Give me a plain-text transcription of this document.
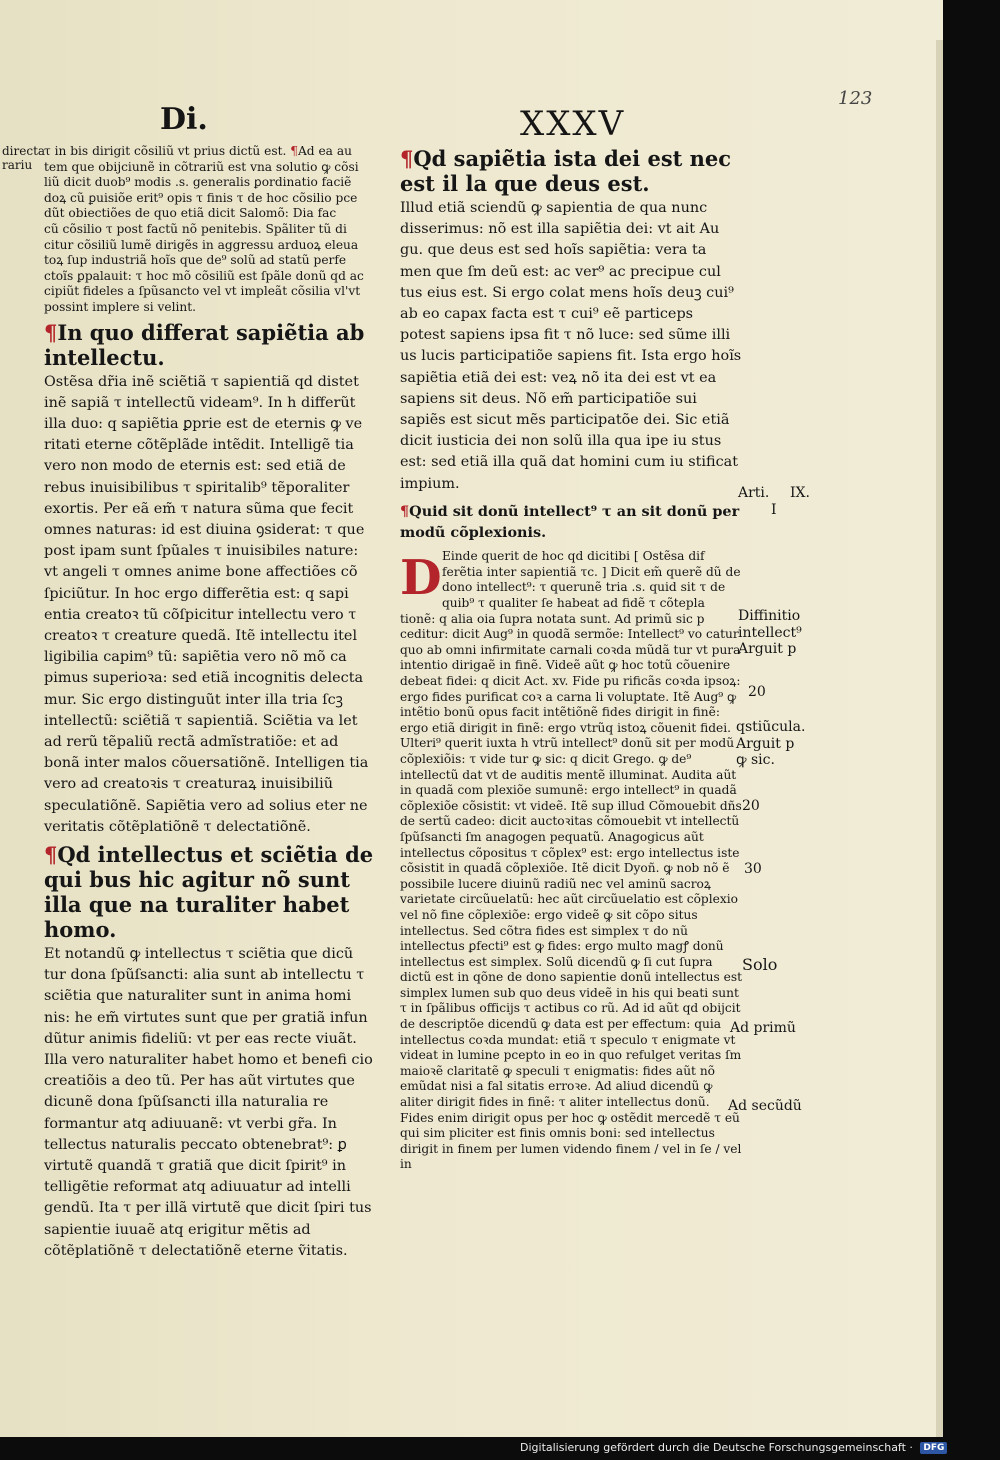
123
Di.	XXXV
directa
rariu
τ in bis dirigit cõsiliũ vt prius dictũ est. ¶Ad ea au
tem que obijciunẽ in cõtrariũ est vna solutio ꝙ cõsi
liũ dicit duob⁹ modis .s. generalis ꝑordinatio faciẽ
doꝝ cũ ꝑuisiõe erit⁹ opis τ finis τ de hoc cõsilio pce
dũt obiectiões de quo etiã dicit Salomõ: Dia fac
cũ cõsilio τ post factũ nõ penitebis. Spãliter tũ di
citur cõsiliũ lumẽ dirigẽs in aggressu arduoꝝ eleua
toꝝ ſup industriã hoĩs que de⁹ solũ ad statũ perfe
ctoĩs ꝑpalauit: τ hoc mõ cõsiliũ est ſpãle donũ qd ac
cipiũt fideles a ſpũsancto vel vt impleãt cõsilia vl'vt
possint implere si velint.

¶In quo differat sapiẽtia ab intellectu.

Ostẽsa dr̃ia inẽ sciẽtiã τ sapientiã qd distet inẽ sapiã τ intellectũ videam⁹. In h differũt illa duo: q sapiẽtia ꝑprie est de eternis ꝙ ve ritati eterne cõtẽplãde intẽdit. Intelligẽ tia vero non modo de eternis est: sed etiã de rebus inuisibilibus τ spiritalib⁹ tẽporaliter exortis. Per eã em̃ τ natura sũma que fecit omnes naturas: id est diuina ꝯsiderat: τ que post ipam sunt ſpũales τ inuisibiles nature: vt angeli τ omnes anime bone affectiões cõ ſpiciũtur. In hoc ergo differẽtia est: q sapi entia creatoꝛ tũ cõſpicitur intellectu vero τ creatoꝛ τ creature quedã. Itẽ intellectu itel ligibilia capim⁹ tũ: sapiẽtia vero nõ mõ ca pimus superioꝛa: sed etiã incognitis delecta mur. Sic ergo distinguũt inter illa tria ſcꝫ intellectũ: sciẽtiã τ sapientiã. Sciẽtia va let ad rerũ tẽpaliũ rectã admĩstratiõe: et ad bonã inter malos cõuersatiõnẽ. Intelligen tia vero ad creatoꝛis τ creaturaꝝ inuisibiliũ speculatiõnẽ. Sapiẽtia vero ad solius eter ne veritatis cõtẽplatiõnẽ τ delectatiõnẽ.

¶Qd intellectus et sciẽtia de qui bus hic agitur nõ sunt illa que na turaliter habet homo.

Et notandũ ꝙ intellectus τ sciẽtia que dicũ tur dona ſpũſsancti: alia sunt ab intellectu τ sciẽtia que naturaliter sunt in anima homi nis: he em̃ virtutes sunt que per gratiã infun dũtur animis fideliũ: vt per eas recte viuãt. Illa vero naturaliter habet homo et benefi cio creatiõis a deo tũ. Per has aũt virtutes que dicunẽ dona ſpũſsancti illa naturalia re formantur atq adiuuanẽ: vt verbi gr̃a. In tellectus naturalis peccato obtenebrat⁹: ꝑ virtutẽ quandã τ gratiã que dicit ſpirit⁹ in telligẽtie reformat atq adiuuatur ad intelli gendũ. Ita τ per illã virtutẽ que dicit ſpiri tus sapientie iuuaẽ atq erigitur mẽtis ad cõtẽplatiõnẽ τ delectatiõnẽ eterne ṽitatis.

¶Qd sapiẽtia ista dei est nec est il la que deus est.

Illud etiã sciendũ ꝙ sapientia de qua nunc disserimus: nõ est illa sapiẽtia dei: vt ait Au gu. que deus est sed hoĩs sapiẽtia: vera ta men que ſm deũ est: ac ver⁹ ac precipue cul tus eius est. Si ergo colat mens hoĩs deuꝫ cui⁹ ab eo capax facta est τ cui⁹ eẽ particeps potest sapiens ipsa fit τ nõ luce: sed sũme illi us lucis participatiõe sapiens fit. Ista ergo hoĩs sapiẽtia etiã dei est: veꝝ nõ ita dei est vt ea sapiens sit deus. Nõ em̃ participatiõe sui sapiẽs est sicut mẽs participatõe dei. Sic etiã dicit iusticia dei non solũ illa qua ipe iu stus est: sed etiã illa quã dat homini cum iu stificat impium.

¶Quid sit donũ intellect⁹ τ an sit donũ per modũ cõplexionis.

D Einde querit de hoc qd dicitibi [ Ostẽsa dif ferẽtia inter sapientiã τc. ] Dicit em̃ querẽ dũ de dono intellect⁹: τ querunẽ tria .s. quid sit τ de quib⁹ τ qualiter ſe habeat ad fidẽ τ cõtepla tionẽ: q alia oia ſupra notata sunt. Ad primũ sic p ceditur: dicit Aug⁹ in quodã sermõe: Intellect⁹ vo catur quo ab omni infirmitate carnali coꝛda mũdã tur vt pura intentio dirigaẽ in finẽ. Videẽ aũt ꝙ hoc totũ cõuenire debeat fidei: q dicit Act. xv. Fide pu rificãs coꝛda ipsoꝝ: ergo fides purificat coꝛ a carna li voluptate. Itẽ Aug⁹ ꝙ intẽtio bonũ opus facit intẽtiõnẽ fides dirigit in finẽ: ergo etiã dirigit in finẽ: ergo vtrũq istoꝝ cõuenit fidei. Ulteri⁹ querit iuxta h vtrũ intellect⁹ donũ sit per modũ cõplexiõis: τ vide tur ꝙ sic: q dicit Grego. ꝙ de⁹ intellectũ dat vt de auditis mentẽ illuminat. Audita aũt in quadã com plexiõe sumunẽ: ergo intellect⁹ in quadã cõplexiõe cõsistit: vt videẽ. Itẽ sup illud Cõmouebit dñs de sertũ cadeo: dicit auctoꝛitas cõmouebit vt intellectũ ſpũſsancti ſm anagogen pequatũ. Anagogicus aũt intellectus cõpositus τ cõplex⁹ est: ergo intellectus iste cõsistit in quadã cõplexiõe. Itẽ dicit Dyoñ. ꝙ nob nõ ẽ possibile lucere diuinũ radiũ nec vel aminũ sacroꝝ varietate circũuelatũ: hec aũt circũuelatio est cõplexio vel nõ fine cõplexiõe: ergo videẽ ꝙ sit cõpo situs intellectus. Sed cõtra fides est simplex τ do nũ intellectus ꝑfecti⁹ est ꝙ fides: ergo multo magꝭ donũ intellectus est simplex. Solũ dicendũ ꝙ ſi cut ſupra dictũ est in qõne de dono sapientie donũ intellectus est simplex lumen sub quo deus videẽ in his qui beati sunt τ in ſpãlibus officijs τ actibus co rũ. Ad id aũt qd obijcit de descriptõe dicendũ ꝙ data est per effectum: quia intellectus coꝛda mundat: etiã τ speculo τ enigmate vt videat in lumine pcepto in eo in quo refulget veritas ſm maioꝛẽ claritatẽ ꝙ speculi τ enigmatis: fides aũt nõ emũdat nisi a fal sitatis erroꝛe. Ad aliud dicendũ ꝙ aliter dirigit fides in finẽ: τ aliter intellectus donũ. Fides enim dirigit opus per hoc ꝙ ostẽdit mercedẽ τ eũ qui sim pliciter est finis omnis boni: sed intellectus dirigit in finem per lumen videndo finem / vel in ſe / vel in
Arti. IX.
I
Diffinitio
intellect⁹
Arguit p
20
qstiũcula.
Arguit p
ꝙ sic.
20
30
Solo
Ad primũ
Ad secũdũ
Digitalisierung gefördert durch die Deutsche Forschungsgemeinschaft · DFG
